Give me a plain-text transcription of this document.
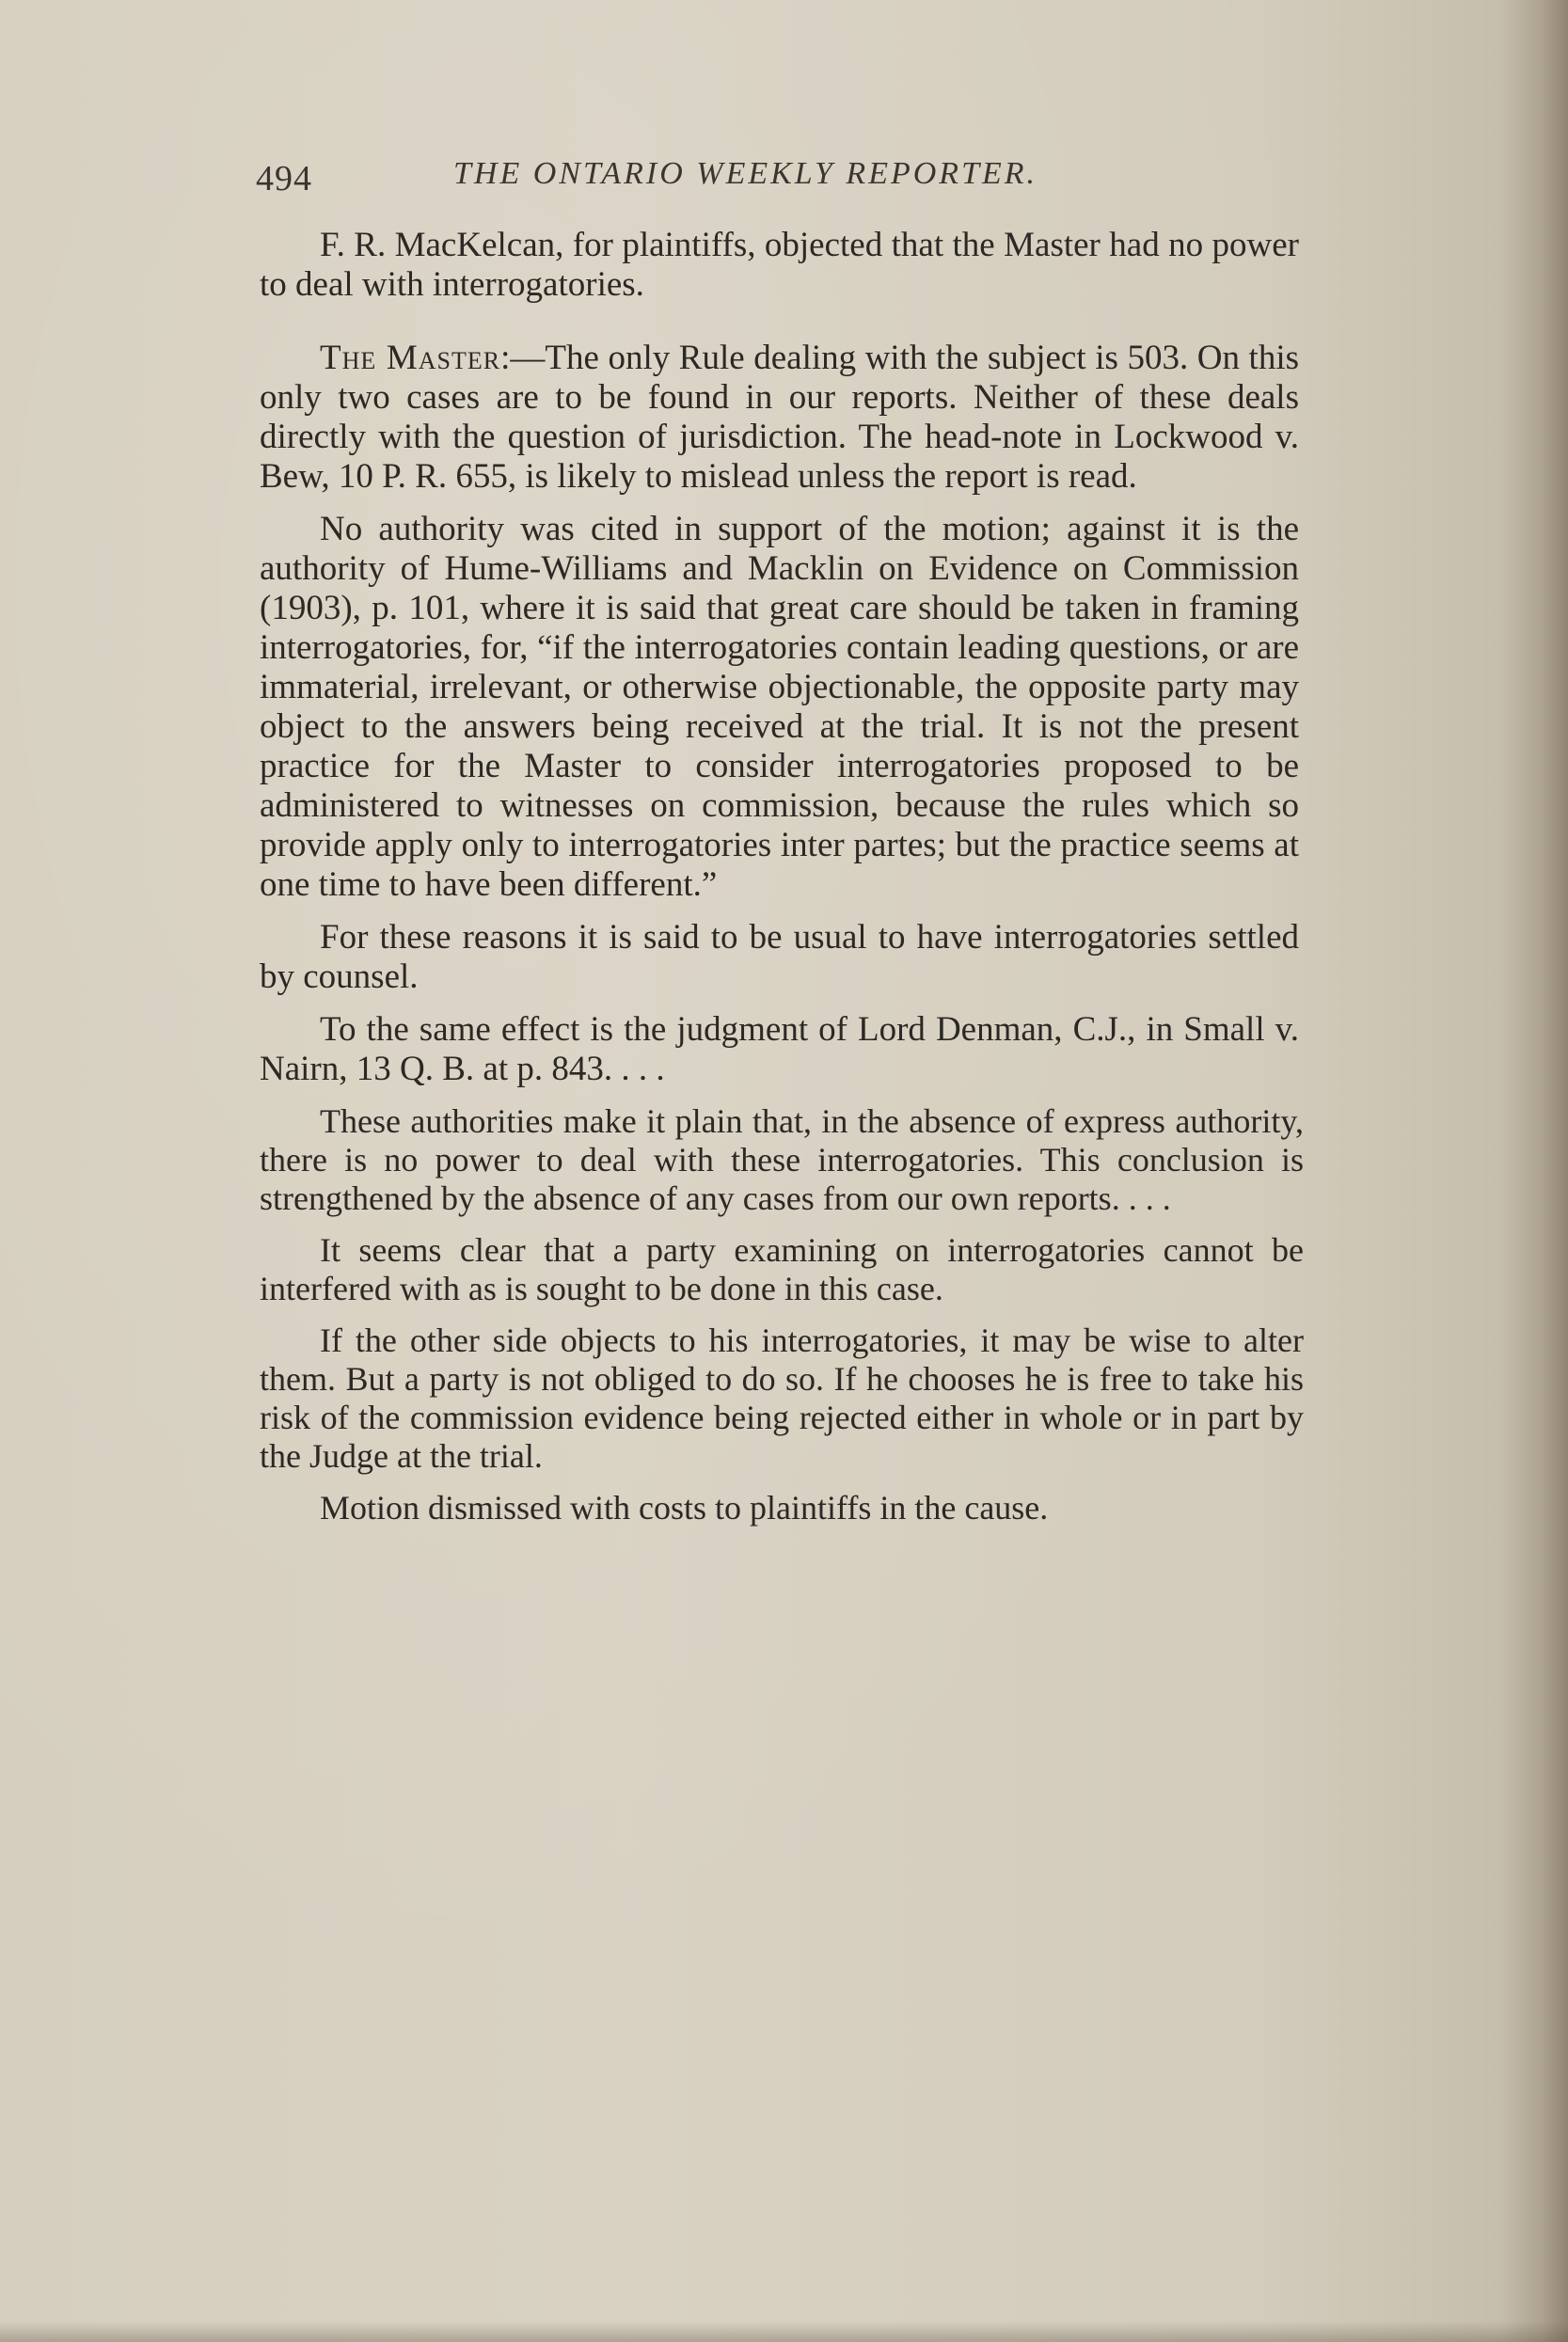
494	THE ONTARIO WEEKLY REPORTER.

F. R. MacKelcan, for plaintiffs, objected that the Master had no power to deal with interrogatories.

The Master:—The only Rule dealing with the subject is 503. On this only two cases are to be found in our reports. Neither of these deals directly with the question of jurisdiction. The head-note in Lockwood v. Bew, 10 P. R. 655, is likely to mislead unless the report is read.

No authority was cited in support of the motion; against it is the authority of Hume-Williams and Macklin on Evidence on Commission (1903), p. 101, where it is said that great care should be taken in framing interrogatories, for, “if the interrogatories contain leading questions, or are immaterial, irrelevant, or otherwise objectionable, the opposite party may object to the answers being received at the trial. It is not the present practice for the Master to consider interrogatories proposed to be administered to witnesses on commission, because the rules which so provide apply only to interrogatories inter partes; but the practice seems at one time to have been different.”

For these reasons it is said to be usual to have interrogatories settled by counsel.

To the same effect is the judgment of Lord Denman, C.J., in Small v. Nairn, 13 Q. B. at p. 843. . . .

These authorities make it plain that, in the absence of express authority, there is no power to deal with these interrogatories. This conclusion is strengthened by the absence of any cases from our own reports. . . .

It seems clear that a party examining on interrogatories cannot be interfered with as is sought to be done in this case.

If the other side objects to his interrogatories, it may be wise to alter them. But a party is not obliged to do so. If he chooses he is free to take his risk of the commission evidence being rejected either in whole or in part by the Judge at the trial.

Motion dismissed with costs to plaintiffs in the cause.
